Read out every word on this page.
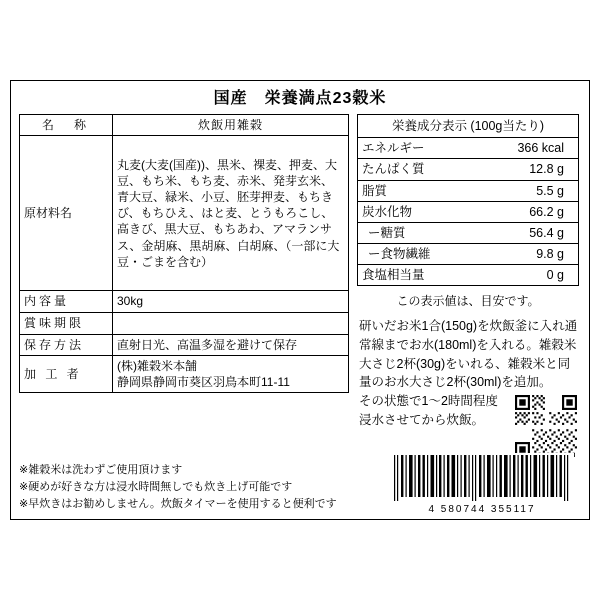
国産　栄養満点23穀米
名　称	炊飯用雑穀
原材料名	丸麦(大麦(国産))、黒米、裸麦、押麦、大豆、もち米、もち麦、赤米、発芽玄米、青大豆、緑米、小豆、胚芽押麦、もちきび、もちひえ、はと麦、とうもろこし、高きび、黒大豆、もちあわ、アマランサス、金胡麻、黒胡麻、白胡麻、（一部に大豆・ごまを含む）
内容量	30kg
賞味期限	
保存方法	直射日光、高温多湿を避けて保存
加 工 者	(株)雑穀米本舗
静岡県静岡市葵区羽鳥本町11-11
栄養成分表示 (100g当たり)	
エネルギー	366 kcal
たんぱく質	12.8 g
脂質	5.5 g
炭水化物	66.2 g
ー糖質	56.4 g
ー食物繊維	9.8 g
食塩相当量	0 g
この表示値は、目安です。
研いだお米1合(150g)を炊飯釜に入れ通常線までお水(180ml)を入れる。雑穀米大さじ2杯(30g)をいれる、雑穀米と同量のお水大さじ2杯(30ml)を追加。
その状態で1～2時間程度
浸水させてから炊飯。
※雑穀米は洗わずご使用頂けます
※硬めが好きな方は浸水時間無しでも炊き上げ可能です
※早炊きはお勧めしません。炊飯タイマーを使用すると便利です	4 580744 355117
